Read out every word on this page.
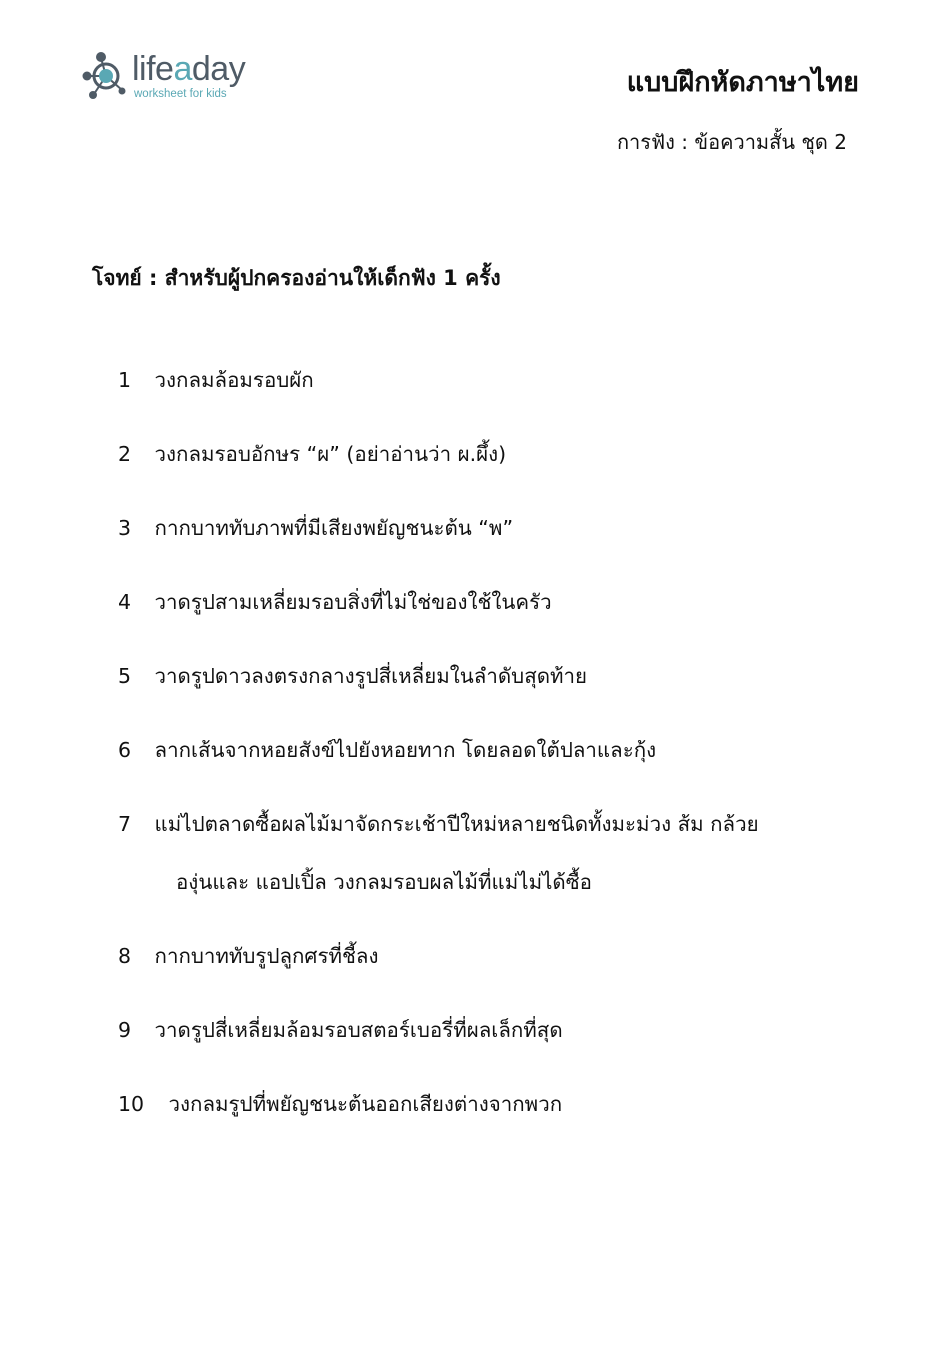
lifeaday
worksheet for kids	แบบฝึกหัดภาษาไทย
การฟัง : ข้อความสั้น ชุด 2
โจทย์ : สำหรับผู้ปกครองอ่านให้เด็กฟัง 1 ครั้ง
1 วงกลมล้อมรอบผัก
2 วงกลมรอบอักษร “ผ” (อย่าอ่านว่า ผ.ผึ้ง)
3 กากบาททับภาพที่มีเสียงพยัญชนะต้น “พ”
4 วาดรูปสามเหลี่ยมรอบสิ่งที่ไม่ใช่ของใช้ในครัว
5 วาดรูปดาวลงตรงกลางรูปสี่เหลี่ยมในลำดับสุดท้าย
6 ลากเส้นจากหอยสังข์ไปยังหอยทาก โดยลอดใต้ปลาและกุ้ง
7 แม่ไปตลาดซื้อผลไม้มาจัดกระเช้าปีใหม่หลายชนิดทั้งมะม่วง ส้ม กล้วย
องุ่นและ แอปเปิ้ล วงกลมรอบผลไม้ที่แม่ไม่ได้ซื้อ
8 กากบาททับรูปลูกศรที่ชี้ลง
9 วาดรูปสี่เหลี่ยมล้อมรอบสตอร์เบอรี่ที่ผลเล็กที่สุด
10 วงกลมรูปที่พยัญชนะต้นออกเสียงต่างจากพวก
